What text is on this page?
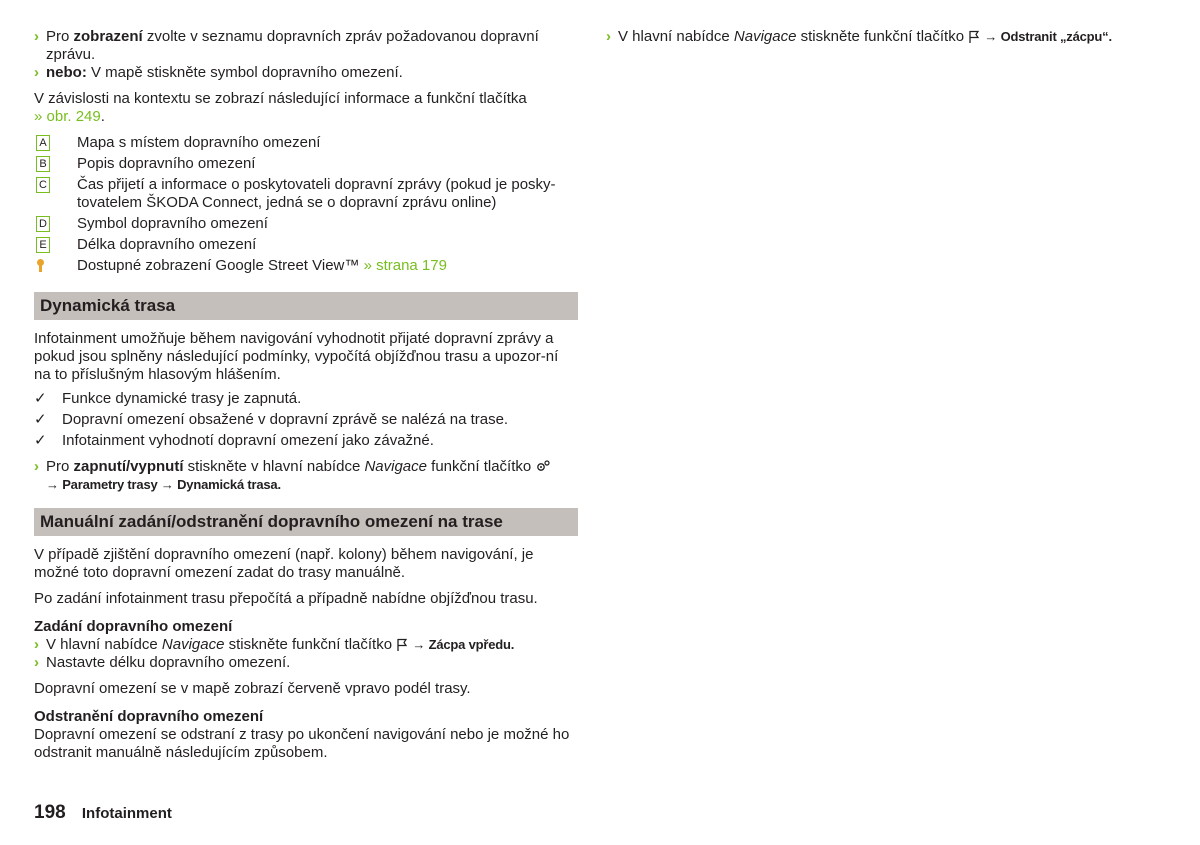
› Pro zobrazení zvolte v seznamu dopravních zpráv požadovanou dopravní zprávu.

› nebo: V mapě stiskněte symbol dopravního omezení.

V závislosti na kontextu se zobrazí následující informace a funkční tlačítka
» obr. 249.

A Mapa s místem dopravního omezení

B Popis dopravního omezení

C Čas přijetí a informace o poskytovateli dopravní zprávy (pokud je posky-tovatelem ŠKODA Connect, jedná se o dopravní zprávu online)

D Symbol dopravního omezení

E Délka dopravního omezení

Dostupné zobrazení Google Street View™ » strana 179

Dynamická trasa

Infotainment umožňuje během navigování vyhodnotit přijaté dopravní zprávy a pokud jsou splněny následující podmínky, vypočítá objížďnou trasu a upozor-ní na to příslušným hlasovým hlášením.

✓ Funkce dynamické trasy je zapnutá.

✓ Dopravní omezení obsažené v dopravní zprávě se nalézá na trase.

✓ Infotainment vyhodnotí dopravní omezení jako závažné.

› Pro zapnutí/vypnutí stiskněte v hlavní nabídce Navigace funkční tlačítko
→ Parametry trasy → Dynamická trasa.

Manuální zadání/odstranění dopravního omezení na trase

V případě zjištění dopravního omezení (např. kolony) během navigování, je možné toto dopravní omezení zadat do trasy manuálně.

Po zadání infotainment trasu přepočítá a případně nabídne objížďnou trasu.

Zadání dopravního omezení

› V hlavní nabídce Navigace stiskněte funkční tlačítko → Zácpa vpředu.

› Nastavte délku dopravního omezení.

Dopravní omezení se v mapě zobrazí červeně vpravo podél trasy.

Odstranění dopravního omezení

Dopravní omezení se odstraní z trasy po ukončení navigování nebo je možné ho odstranit manuálně následujícím způsobem.

› V hlavní nabídce Navigace stiskněte funkční tlačítko → Odstranit „zácpu“.

198 Infotainment
